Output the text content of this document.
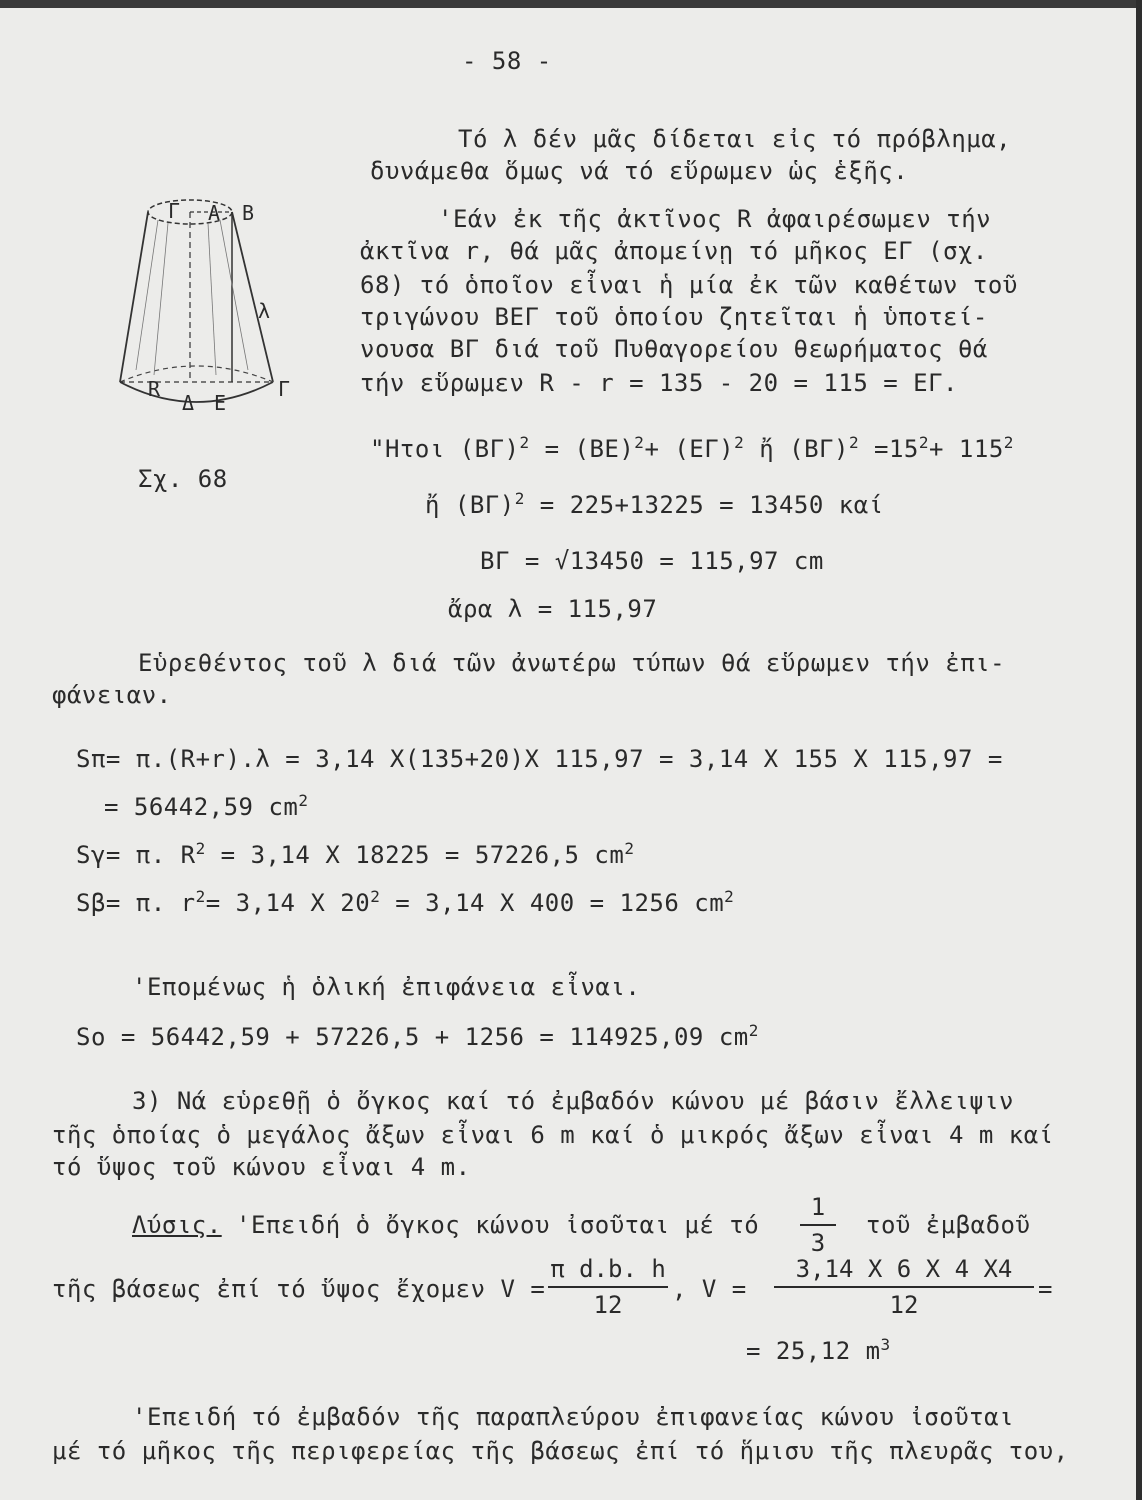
- 58 -
Γ Α Β
λ
R
Δ Ε
Γ
Σχ. 68
Τό λ δέν μᾶς δίδεται εἰς τό πρόβλημα,
δυνάμεθα ὅμως νά τό εὕρωμεν ὡς ἑξῆς.
'Εάν ἐκ τῆς ἀκτῖνος R ἀφαιρέσωμεν τήν
ἀκτῖνα r, θά μᾶς ἀπομείνῃ τό μῆκος ΕΓ (σχ.
68) τό ὁποῖον εἶναι ἡ μία ἐκ τῶν καθέτων τοῦ
τριγώνου ΒΕΓ τοῦ ὁποίου ζητεῖται ἡ ὑποτεί-
νουσα ΒΓ διά τοῦ Πυθαγορείου θεωρήματος θά
τήν εὕρωμεν R - r = 135 - 20 = 115 = ΕΓ.
"Ητοι $(B\Gamma)^2 = (BE)^2+ (E\Gamma)^2$ ἤ $(B\Gamma)^2 =15^2+ 115^2$
ἤ $(B\Gamma)^2 = 225+13225 = 13450$ καί
ΒΓ = √13450 = 115,97 cm
ἄρα λ = 115,97
Εὑρεθέντος τοῦ λ διά τῶν ἀνωτέρω τύπων θά εὕρωμεν τήν ἐπι-
φάνειαν.
Sπ= π.(R+r).λ = 3,14 X(135+20)X 115,97 = 3,14 X 155 X 115,97 =
= 56442,59 $cm^2$
Sγ= π. $R^2 = 3,14$ X 18225 = 57226,5 $cm^2$
Sβ= π. $r^2= 3,14$ X $20^2 = 3,14$ X 400 = 1256 $cm^2$
'Επομένως ἡ ὁλική ἐπιφάνεια εἶναι.
Sο = 56442,59 + 57226,5 + 1256 = 114925,09 $cm^2$
3) Νά εὑρεθῇ ὁ ὄγκος καί τό ἐμβαδόν κώνου μέ βάσιν ἔλλειψιν
τῆς ὁποίας ὁ μεγάλος ἄξων εἶναι 6 m καί ὁ μικρός ἄξων εἶναι 4 m καί
τό ὕψος τοῦ κώνου εἶναι 4 m.
Λύσις. 'Επειδή ὁ ὄγκος κώνου ἰσοῦται μέ τό
1
3
τοῦ ἐμβαδοῦ
τῆς βάσεως ἐπί τό ὕψος ἔχομεν V =
π d.b. h
12
, V =
3,14 X 6 X 4 X4
12
=
= 25,12 $m^3$
'Επειδή τό ἐμβαδόν τῆς παραπλεύρου ἐπιφανείας κώνου ἰσοῦται
μέ τό μῆκος τῆς περιφερείας τῆς βάσεως ἐπί τό ἥμισυ τῆς πλευρᾶς του,
